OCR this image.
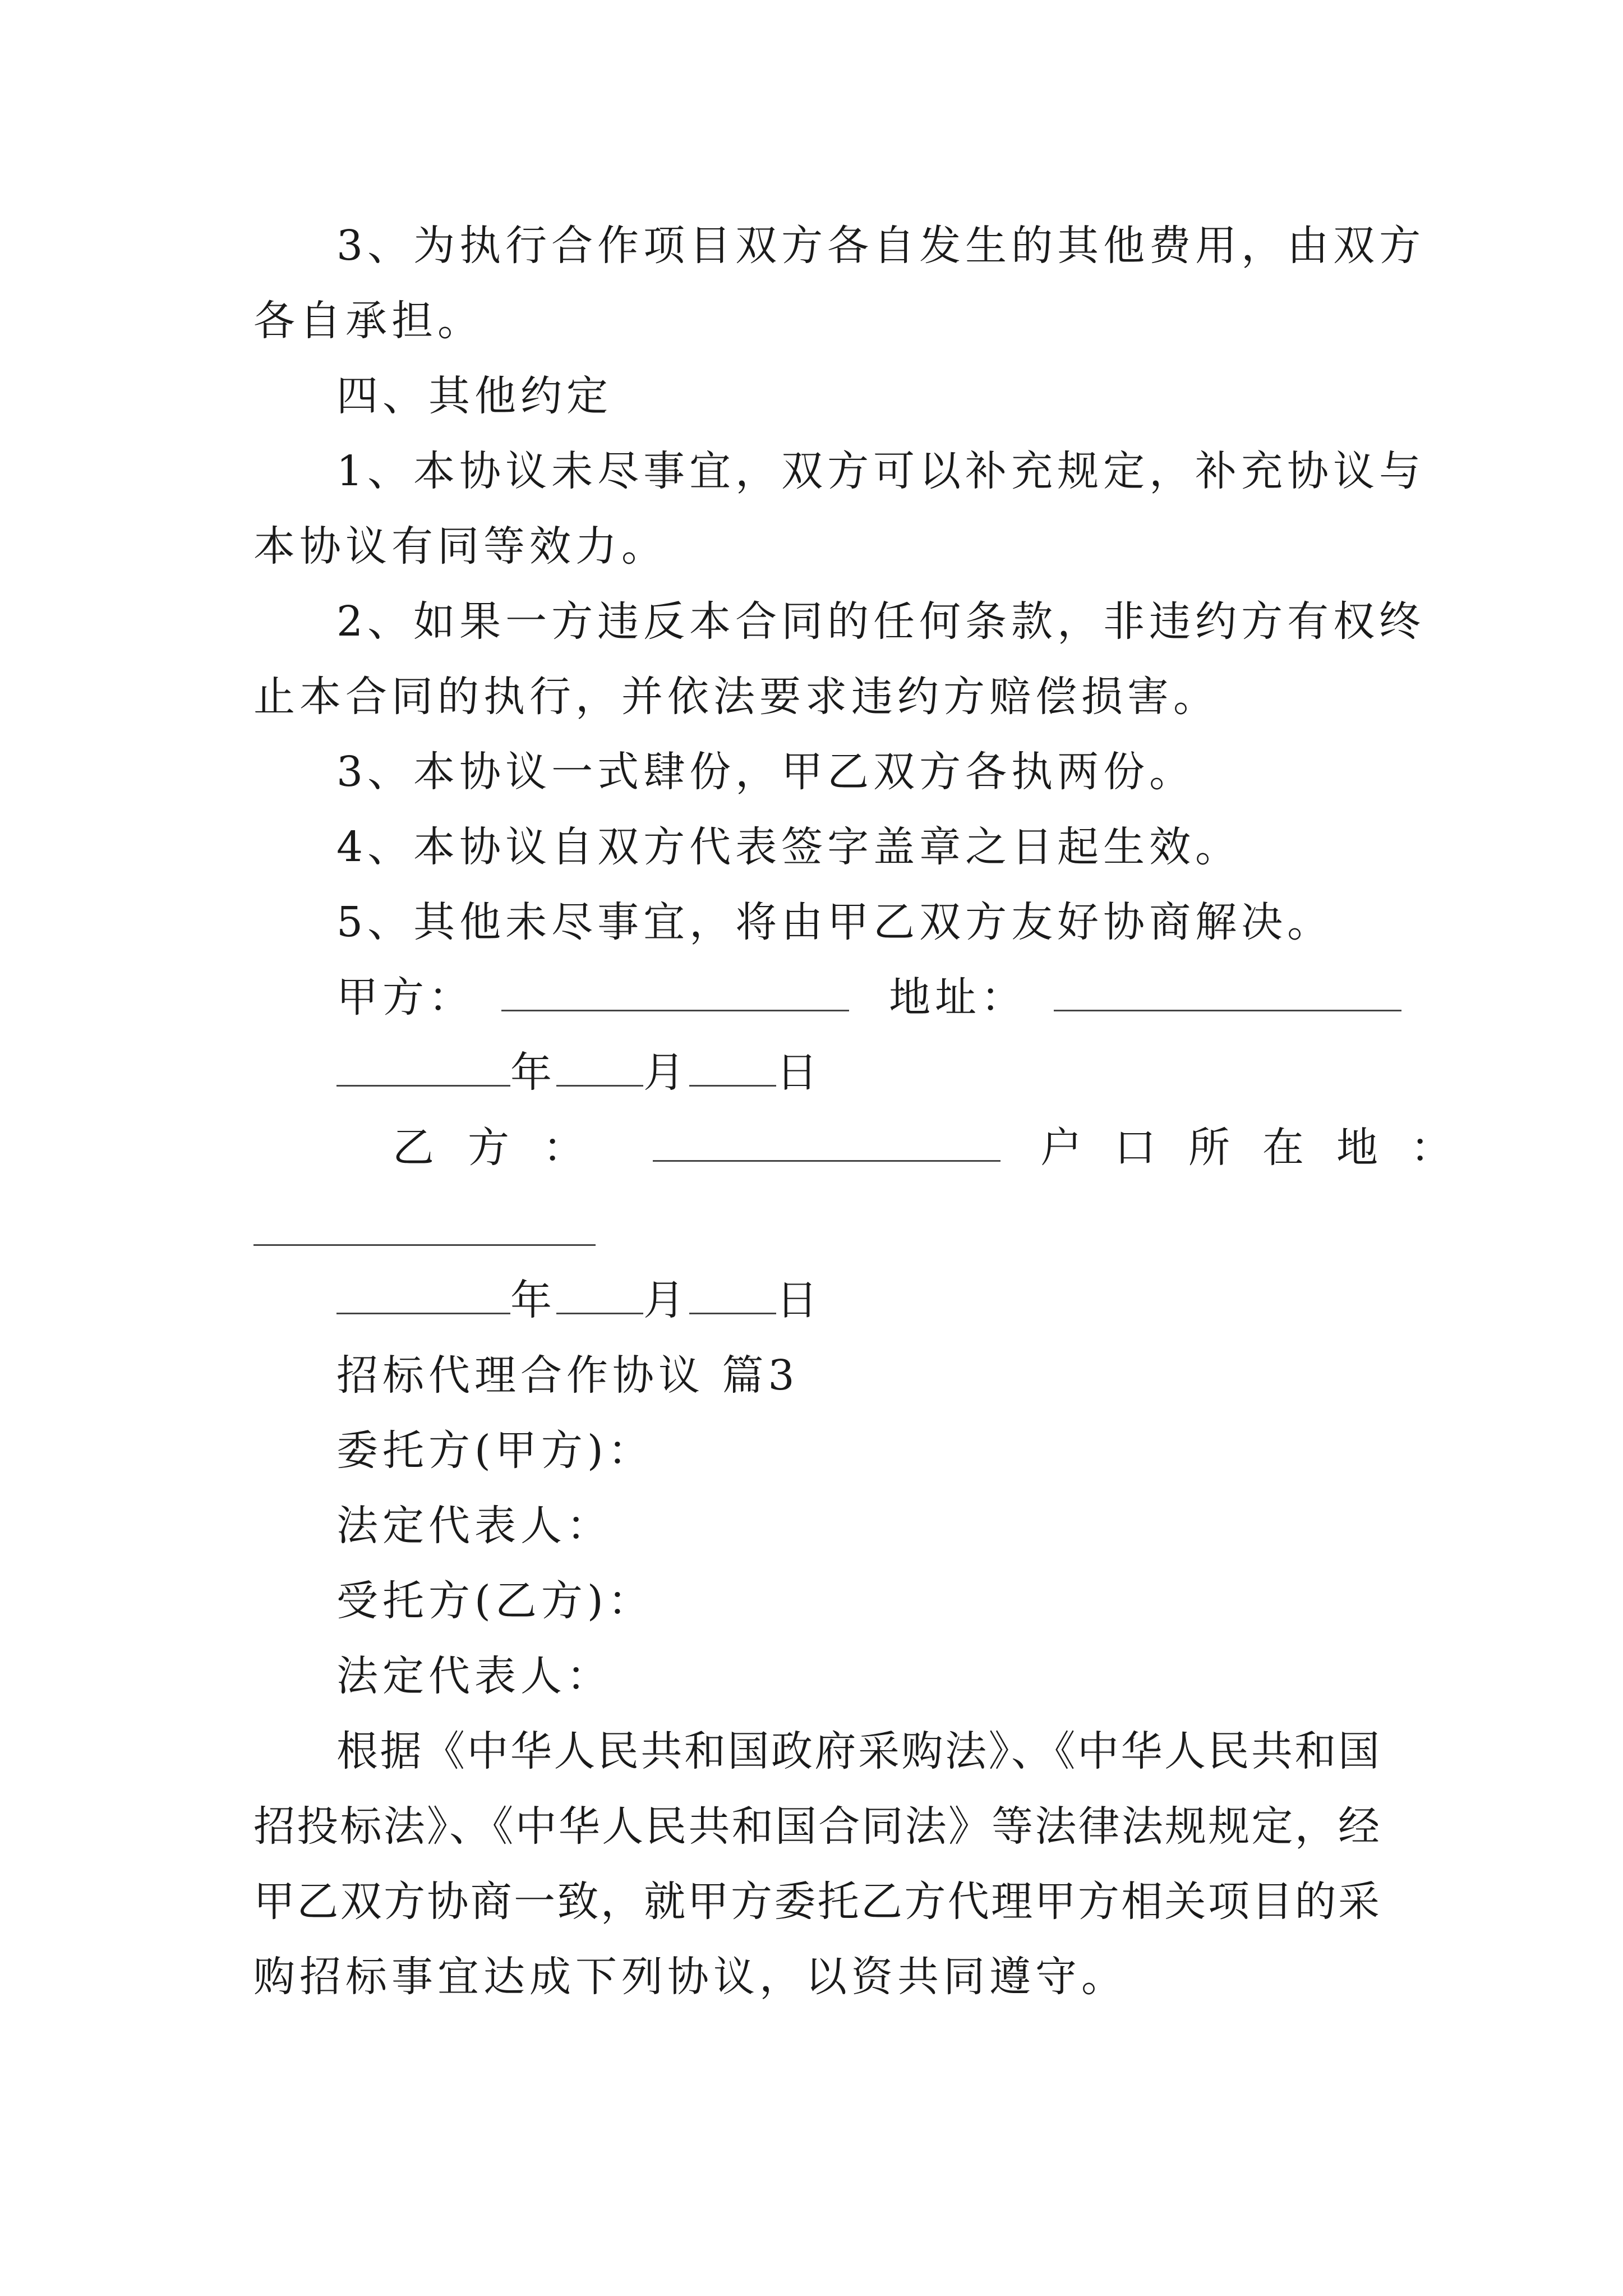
3、为执行合作项目双方各自发生的其他费用，由双方
各自承担。
四、其他约定
1、本协议未尽事宜，双方可以补充规定，补充协议与
本协议有同等效力。
2、如果一方违反本合同的任何条款，非违约方有权终
止本合同的执行，并依法要求违约方赔偿损害。
3、本协议一式肆份，甲乙双方各执两份。
4、本协议自双方代表签字盖章之日起生效。
5、其他未尽事宜，将由甲乙双方友好协商解决。
甲方：	地址：
年 月 日
乙方：	户口所在地：
年 月 日
招标代理合作协议 篇3
委托方(甲方)：
法定代表人：
受托方(乙方)：
法定代表人：
根据《中华人民共和国政府采购法》、《中华人民共和国
招投标法》、《中华人民共和国合同法》等法律法规规定，经
甲乙双方协商一致，就甲方委托乙方代理甲方相关项目的采
购招标事宜达成下列协议，以资共同遵守。
